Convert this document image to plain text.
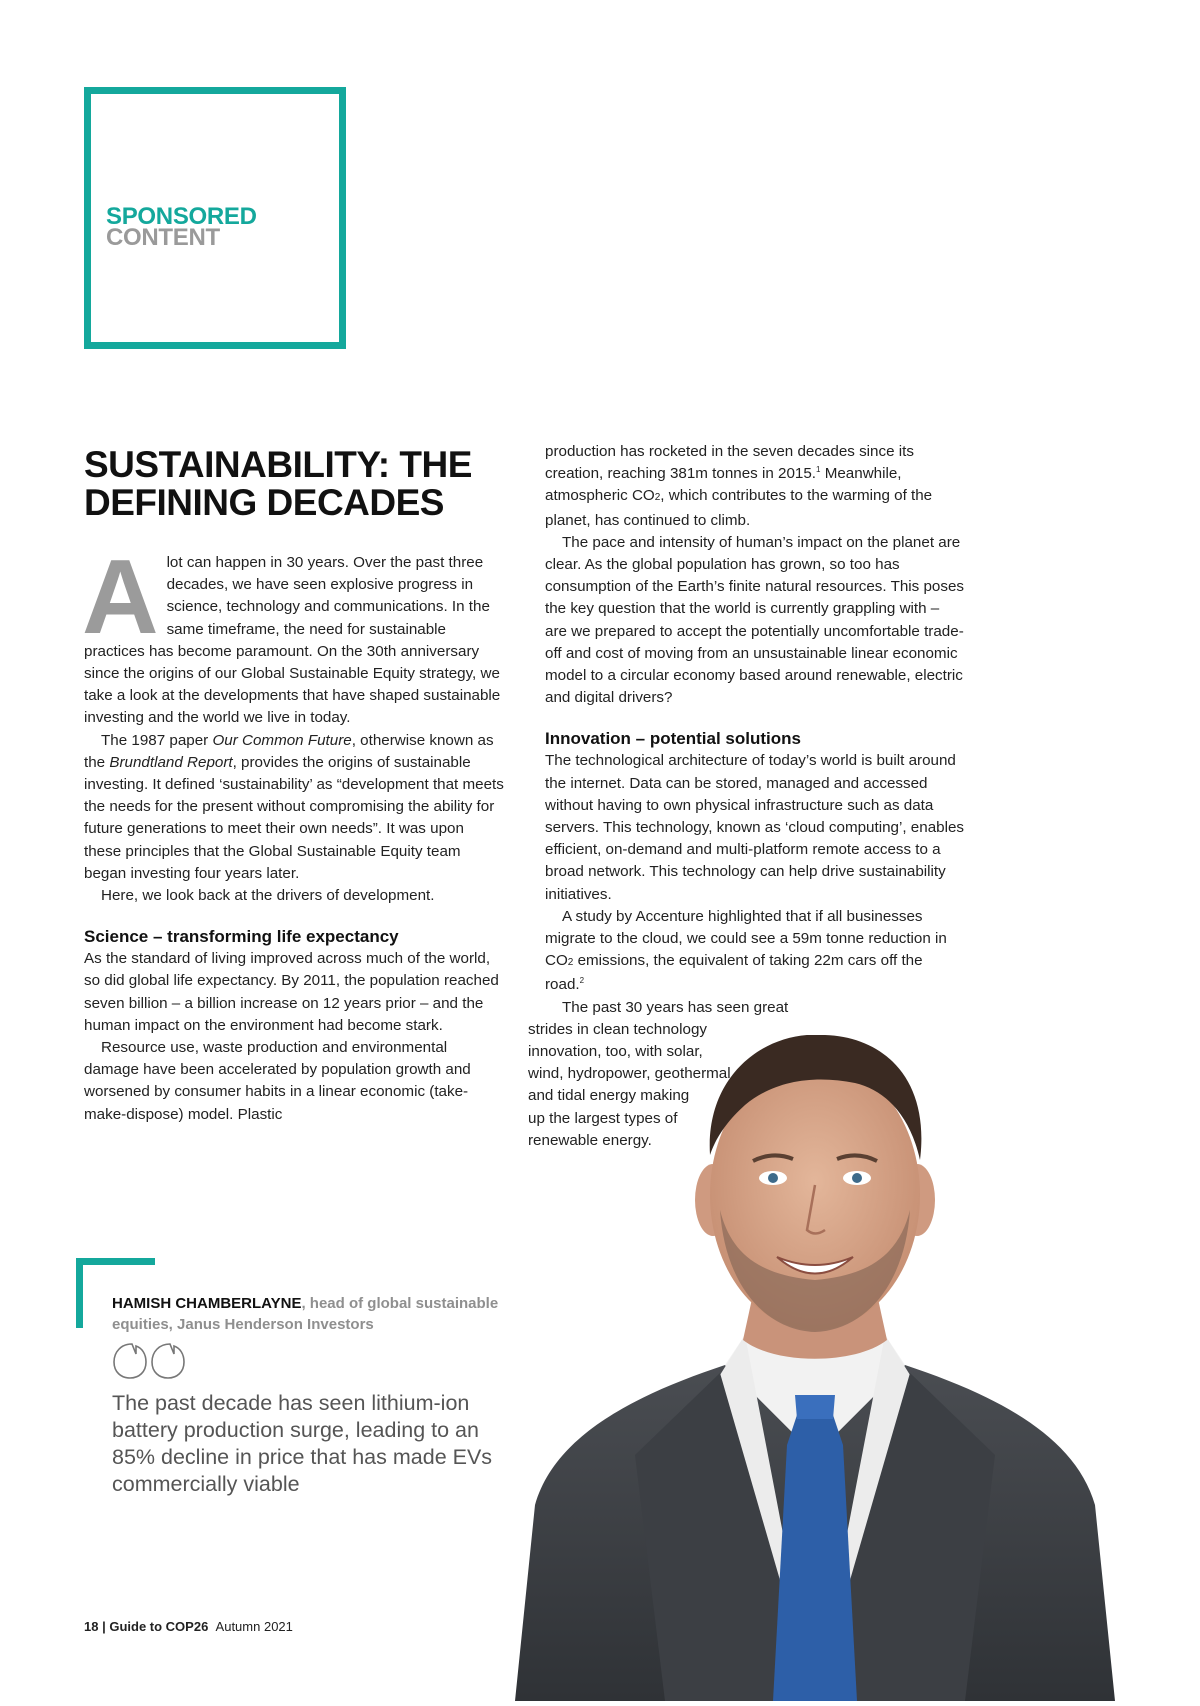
SPONSORED
CONTENT
SUSTAINABILITY: THE
DEFINING DECADES

Alot can happen in 30 years. Over the past three decades, we have seen explosive progress in science, technology and communications. In the same timeframe, the need for sustainable practices has become paramount. On the 30th anniversary since the origins of our Global Sustainable Equity strategy, we take a look at the developments that have shaped sustainable investing and the world we live in today.

The 1987 paper Our Common Future, otherwise known as the Brundtland Report, provides the origins of sustainable investing. It defined ‘sustainability’ as “development that meets the needs for the present without compromising the ability for future generations to meet their own needs”. It was upon these principles that the Global Sustainable Equity team began investing four years later.

Here, we look back at the drivers of development.

Science – transforming life expectancy

As the standard of living improved across much of the world, so did global life expectancy. By 2011, the population reached seven billion – a billion increase on 12 years prior – and the human impact on the environment had become stark.

Resource use, waste production and environmental damage have been accelerated by population growth and worsened by consumer habits in a linear economic (take-make-dispose) model. Plastic

production has rocketed in the seven decades since its creation, reaching 381m tonnes in 2015.$^1$ Meanwhile, atmospheric CO2, which contributes to the warming of the planet, has continued to climb.

The pace and intensity of human’s impact on the planet are clear. As the global population has grown, so too has consumption of the Earth’s finite natural resources. This poses the key question that the world is currently grappling with – are we prepared to accept the potentially uncomfortable trade-off and cost of moving from an unsustainable linear economic model to a circular economy based around renewable, electric and digital drivers?

Innovation – potential solutions

The technological architecture of today’s world is built around the internet. Data can be stored, managed and accessed without having to own physical infrastructure such as data servers. This technology, known as ‘cloud computing’, enables efficient, on-demand and multi-platform remote access to a broad network. This technology can help drive sustainability initiatives.

A study by Accenture highlighted that if all businesses migrate to the cloud, we could see a 59m tonne reduction in CO2 emissions, the equivalent of taking 22m cars off the road.$^2$

The past 30 years has seen great
strides in clean technology
innovation, too, with solar,
wind, hydropower, geothermal
and tidal energy making
up the largest types of
renewable energy.

HAMISH CHAMBERLAYNE, head of global sustainable equities, Janus Henderson Investors
The past decade has seen lithium-ion battery production surge, leading to an 85% decline in price that has made EVs commercially viable
18 | Guide to COP26 Autumn 2021
